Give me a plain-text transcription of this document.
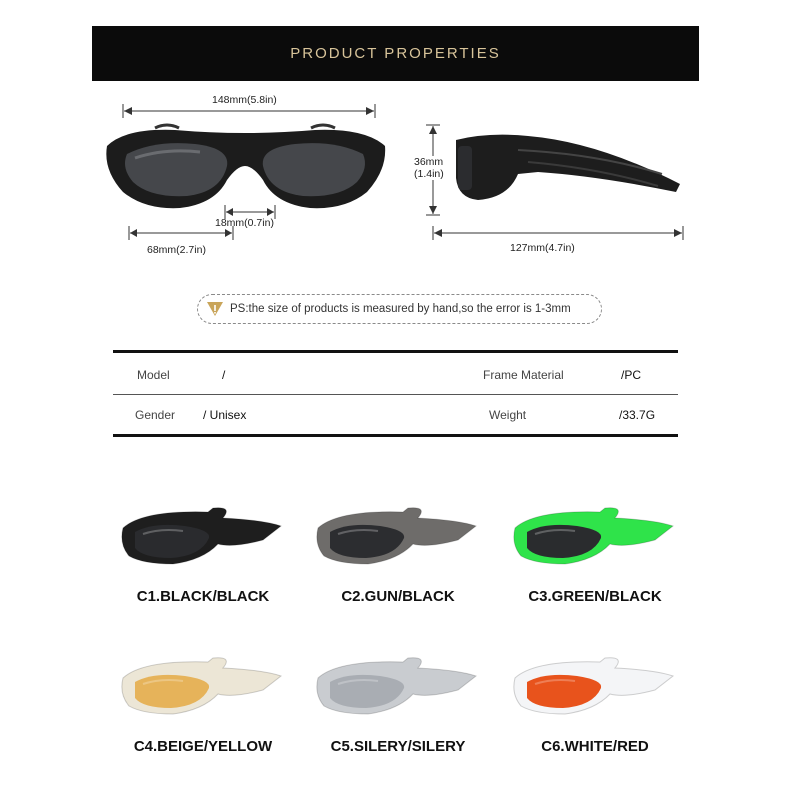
PRODUCT PROPERTIES
148mm(5.8in)
18mm(0.7in)
68mm(2.7in)
36mm
(1.4in)
127mm(4.7in)
PS:the size of products is measured by hand,so the error is 1-3mm
Model	/	Frame Material	/PC
Gender / Unisex	Weight	/33.7G
C1.BLACK/BLACK	C2.GUN/BLACK	C3.GREEN/BLACK
C4.BEIGE/YELLOW	C5.SILERY/SILERY	C6.WHITE/RED
